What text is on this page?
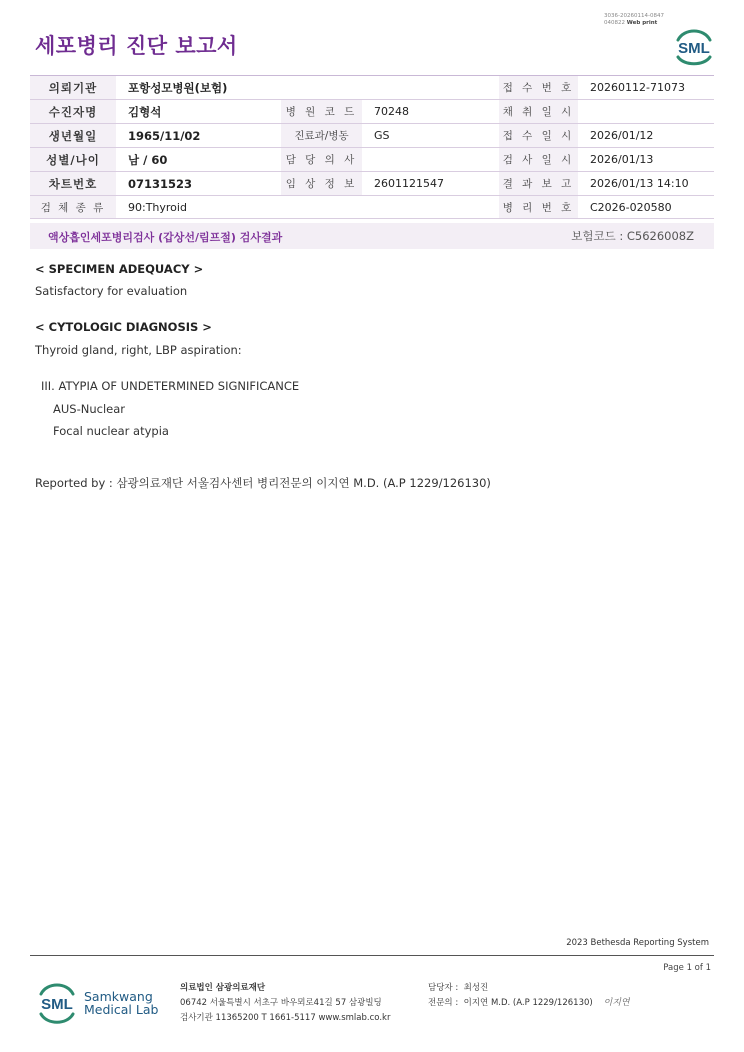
세포병리 진단 보고서
3036-20260114-0847
040822 Web print
SML
의뢰기관	포항성모병원(보험)			접 수 번 호	20260112-71073
수진자명	김형석	병 원 코 드	70248	채 취 일 시	
생년월일	1965/11/02	진료과/병동	GS	접 수 일 시	2026/01/12
성별/나이	남 / 60	담 당 의 사		검 사 일 시	2026/01/13
차트번호	07131523	임 상 정 보	2601121547	결 과 보 고	2026/01/13 14:10
검 체 종 류	90:Thyroid			병 리 번 호	C2026-020580
액상흡인세포병리검사 (갑상선/림프절) 검사결과	보험코드 : C5626008Z
< SPECIMEN ADEQUACY >
Satisfactory for evaluation
< CYTOLOGIC DIAGNOSIS >
Thyroid gland, right, LBP aspiration:
III. ATYPIA OF UNDETERMINED SIGNIFICANCE
AUS-Nuclear
Focal nuclear atypia
Reported by : 삼광의료재단 서울검사센터 병리전문의 이지연 M.D. (A.P 1229/126130)
2023 Bethesda Reporting System
Page 1 of 1
SML Samkwang
Medical Lab
의료법인 삼광의료재단
06742 서울특별시 서초구 바우뫼로41길 57 삼광빌딩
검사기관 11365200 T 1661-5117 www.smlab.co.kr
담당자 : 최성진
전문의 : 이지연 M.D. (A.P 1229/126130) 이지연
